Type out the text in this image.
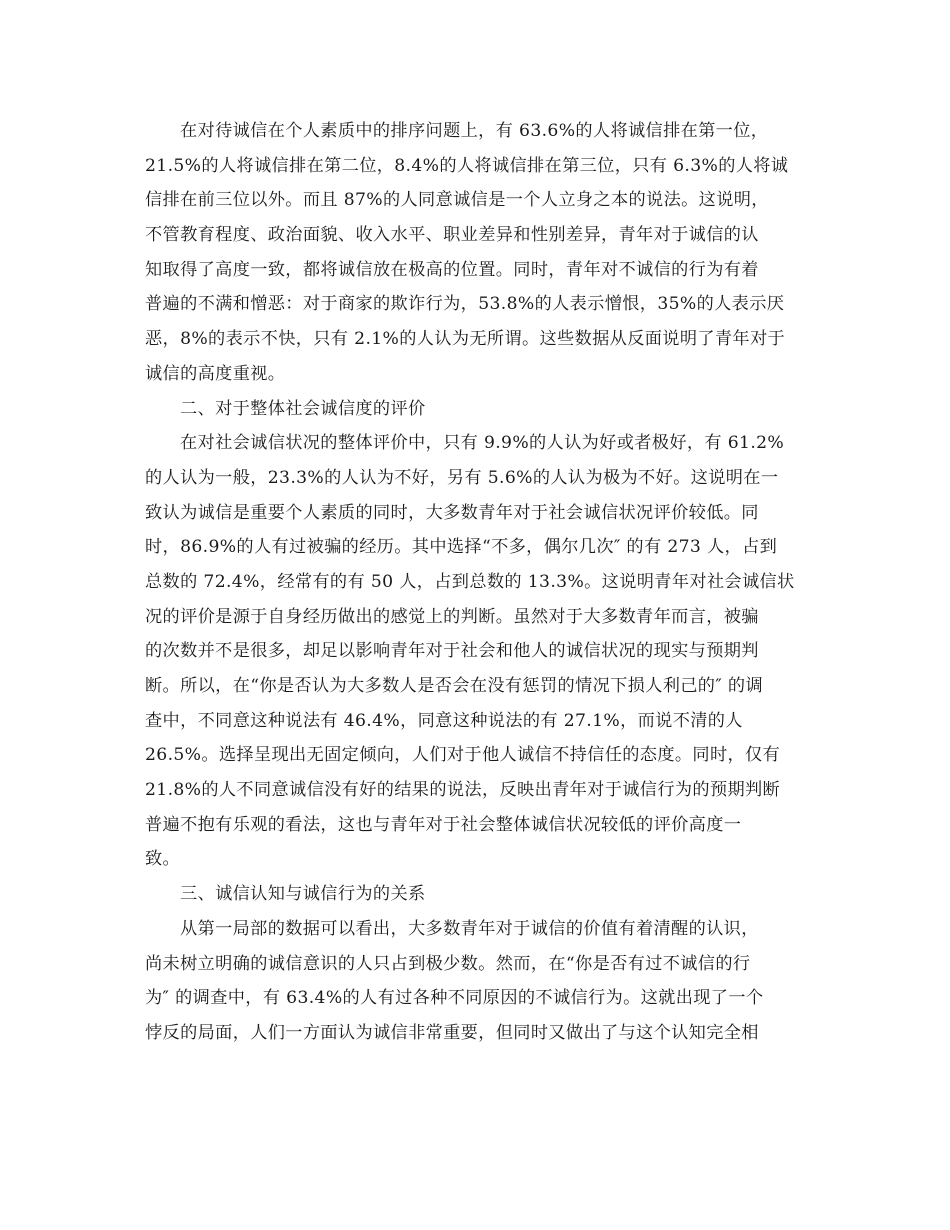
在对待诚信在个人素质中的排序问题上，有 63.6%的人将诚信排在第一位，
21.5%的人将诚信排在第二位，8.4%的人将诚信排在第三位，只有 6.3%的人将诚
信排在前三位以外。而且 87%的人同意诚信是一个人立身之本的说法。这说明，
不管教育程度、政治面貌、收入水平、职业差异和性别差异，青年对于诚信的认
知取得了高度一致，都将诚信放在极高的位置。同时，青年对不诚信的行为有着
普遍的不满和憎恶：对于商家的欺诈行为，53.8%的人表示憎恨，35%的人表示厌
恶，8%的表示不快，只有 2.1%的人认为无所谓。这些数据从反面说明了青年对于
诚信的高度重视。
二、对于整体社会诚信度的评价
在对社会诚信状况的整体评价中，只有 9.9%的人认为好或者极好，有 61.2%
的人认为一般，23.3%的人认为不好，另有 5.6%的人认为极为不好。这说明在一
致认为诚信是重要个人素质的同时，大多数青年对于社会诚信状况评价较低。同
时，86.9%的人有过被骗的经历。其中选择“不多，偶尔几次″ 的有 273 人，占到
总数的 72.4%，经常有的有 50 人，占到总数的 13.3%。这说明青年对社会诚信状
况的评价是源于自身经历做出的感觉上的判断。虽然对于大多数青年而言，被骗
的次数并不是很多，却足以影响青年对于社会和他人的诚信状况的现实与预期判
断。所以，在“你是否认为大多数人是否会在没有惩罚的情况下损人利己的″ 的调
查中，不同意这种说法有 46.4%，同意这种说法的有 27.1%，而说不清的人
26.5%。选择呈现出无固定倾向，人们对于他人诚信不持信任的态度。同时，仅有
21.8%的人不同意诚信没有好的结果的说法，反映出青年对于诚信行为的预期判断
普遍不抱有乐观的看法，这也与青年对于社会整体诚信状况较低的评价高度一
致。
三、诚信认知与诚信行为的关系
从第一局部的数据可以看出，大多数青年对于诚信的价值有着清醒的认识，
尚未树立明确的诚信意识的人只占到极少数。然而，在“你是否有过不诚信的行
为″ 的调查中，有 63.4%的人有过各种不同原因的不诚信行为。这就出现了一个
悖反的局面，人们一方面认为诚信非常重要，但同时又做出了与这个认知完全相
